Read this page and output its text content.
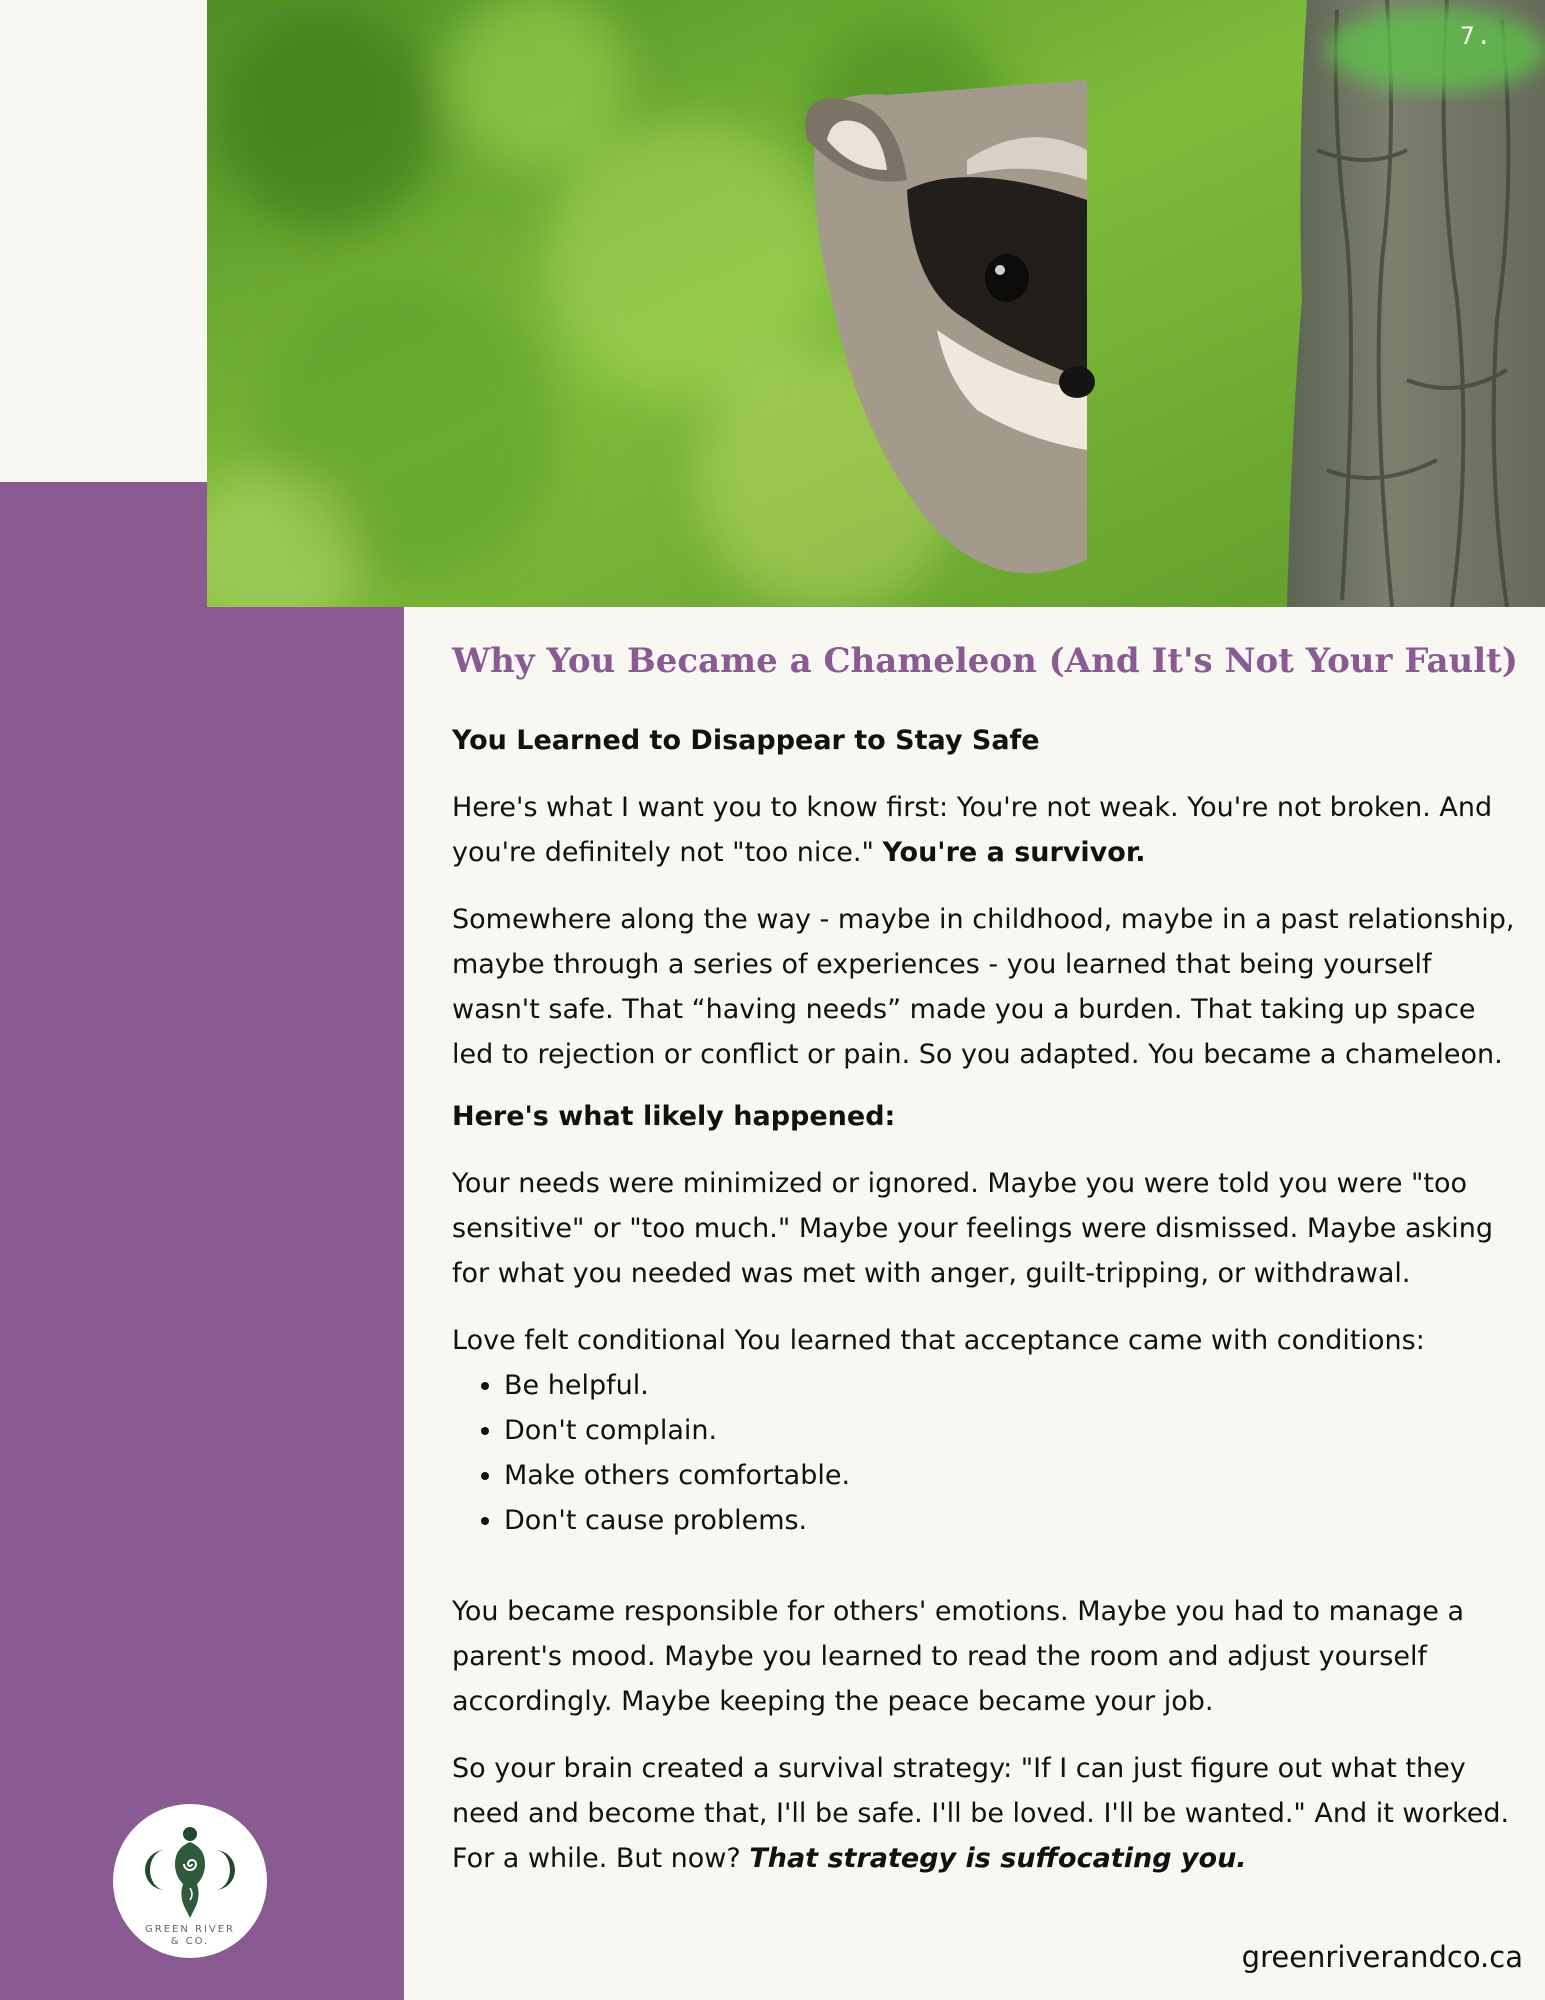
7.
Why You Became a Chameleon (And It's Not Your Fault)
You Learned to Disappear to Stay Safe

Here's what I want you to know first: You're not weak. You're not broken. And you're definitely not "too nice." You're a survivor.

Somewhere along the way - maybe in childhood, maybe in a past relationship, maybe through a series of experiences - you learned that being yourself wasn't safe. That “having needs” made you a burden. That taking up space led to rejection or conflict or pain. So you adapted. You became a chameleon.

Here's what likely happened:

Your needs were minimized or ignored. Maybe you were told you were "too sensitive" or "too much." Maybe your feelings were dismissed. Maybe asking for what you needed was met with anger, guilt-tripping, or withdrawal.

Love felt conditional You learned that acceptance came with conditions:

• Be helpful.
• Don't complain.
• Make others comfortable.
• Don't cause problems.

You became responsible for others' emotions. Maybe you had to manage a parent's mood. Maybe you learned to read the room and adjust yourself accordingly. Maybe keeping the peace became your job.

So your brain created a survival strategy: "If I can just figure out what they need and become that, I'll be safe. I'll be loved. I'll be wanted." And it worked. For a while. But now? That strategy is suffocating you.

GREEN RIVER
& CO.	greenriverandco.ca
